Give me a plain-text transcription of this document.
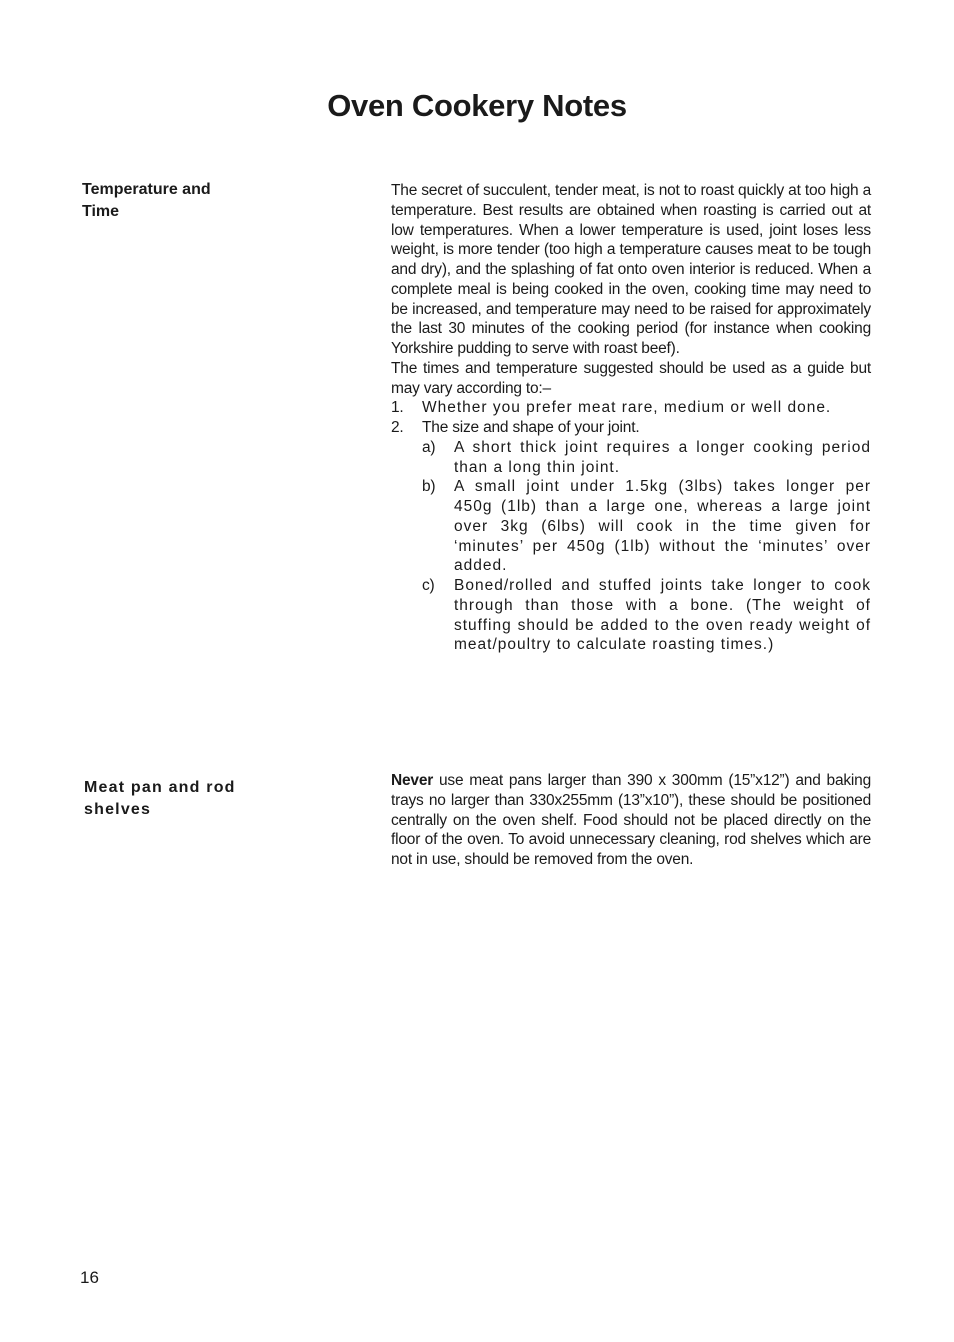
Oven Cookery Notes
Temperature and
Time

The secret of succulent, tender meat, is not to roast quickly at too high a temperature. Best results are obtained when roasting is carried out at low temperatures. When a lower temperature is used, joint loses less weight, is more tender (too high a temperature causes meat to be tough and dry), and the splashing of fat onto oven interior is reduced. When a complete meal is being cooked in the oven, cooking time may need to be increased, and temperature may need to be raised for approximately the last 30 minutes of the cooking period (for instance when cooking Yorkshire pudding to serve with roast beef).

The times and temperature suggested should be used as a guide but may vary according to:–

1.	Whether you prefer meat rare, medium or well done.
2.	The size and shape of your joint.
a)	A short thick joint requires a longer cooking period than a long thin joint.
b)	A small joint under 1.5kg (3lbs) takes longer per 450g (1lb) than a large one, whereas a large joint over 3kg (6lbs) will cook in the time given for ‘minutes’ per 450g (1lb) without the ‘minutes’ over added.
c)	Boned/rolled and stuffed joints take longer to cook through than those with a bone. (The weight of stuffing should be added to the oven ready weight of meat/poultry to calculate roasting times.)
Meat pan and rod
shelves

Never use meat pans larger than 390 x 300mm (15”x12”) and baking trays no larger than 330x255mm (13”x10”), these should be positioned centrally on the oven shelf. Food should not be placed directly on the floor of the oven. To avoid unnecessary cleaning, rod shelves which are not in use, should be removed from the oven.

16
